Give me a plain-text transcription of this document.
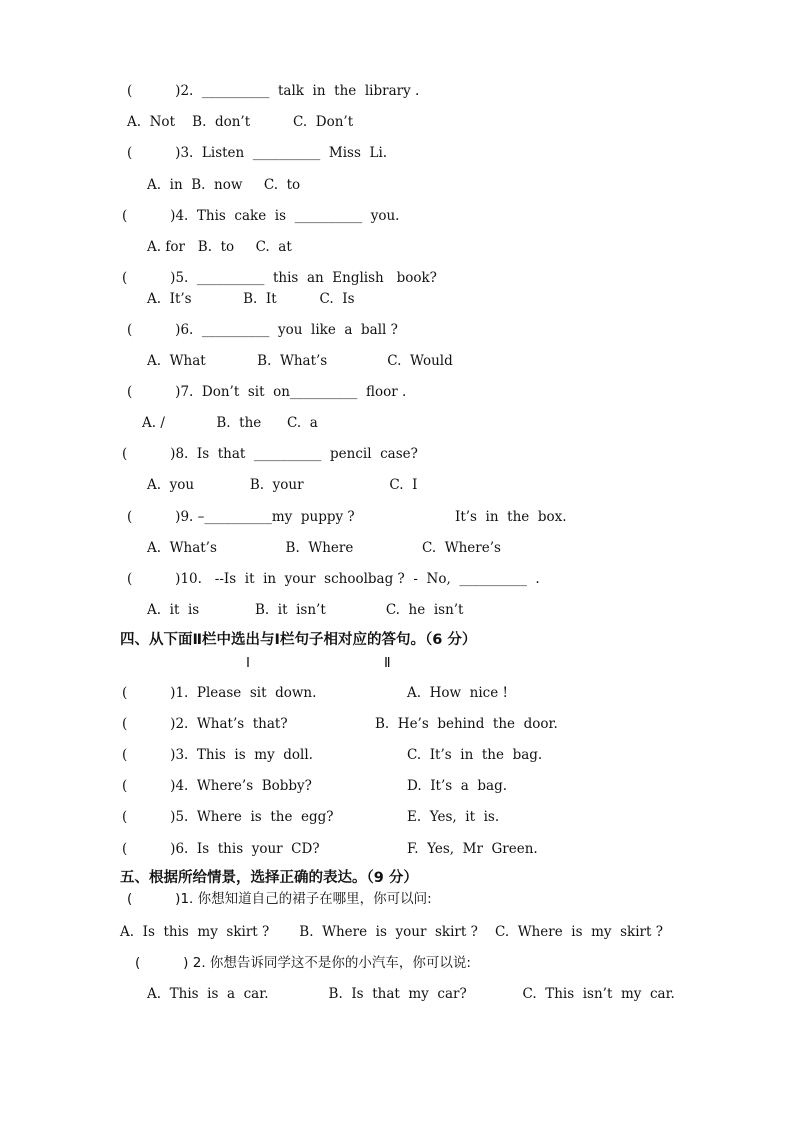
(          )2.  __________  talk  in  the  library .
A.  Not    B.  don’t          C.  Don’t
(          )3.  Listen  __________  Miss  Li.
A.  in  B.  now     C.  to
(          )4.  This  cake  is  __________  you.
A. for   B.  to     C.  at
(          )5.  __________  this  an  English   book?
A.  It’s            B.  It          C.  Is
(          )6.  __________  you  like  a  ball ?
A.  What            B.  What’s              C.  Would
(          )7.  Don’t  sit  on__________  floor .
A. /            B.  the      C.  a
(          )8.  Is  that  __________  pencil  case?
A.  you             B.  your                    C.  I
(          )9. –__________my  puppy ?	It’s  in  the  box.
A.  What’s                B.  Where                C.  Where’s
(          )10.   --Is  it  in  your  schoolbag ?  -  No,  __________  .
A.  it  is             B.  it  isn’t              C.  he  isn’t
四、从下面Ⅱ栏中选出与Ⅰ栏句子相对应的答句。（6 分）
Ⅰ	Ⅱ
(          )1.  Please  sit  down.	A.  How  nice !
(          )2.  What’s  that?	B.  He’s  behind  the  door.
(          )3.  This  is  my  doll.	C.  It’s  in  the  bag.
(          )4.  Where’s  Bobby?	D.  It’s  a  bag.
(          )5.  Where  is  the  egg?	E.  Yes,  it  is.
(          )6.  Is  this  your  CD?	F.  Yes,  Mr  Green.
五、根据所给情景，选择正确的表达。（9 分）
(          )1. 你想知道自己的裙子在哪里，你可以问:
A.  Is  this  my  skirt ?       B.  Where  is  your  skirt ?    C.  Where  is  my  skirt ?
(          ) 2. 你想告诉同学这不是你的小汽车，你可以说:
A.  This  is  a  car.              B.  Is  that  my  car?             C.  This  isn’t  my  car.
